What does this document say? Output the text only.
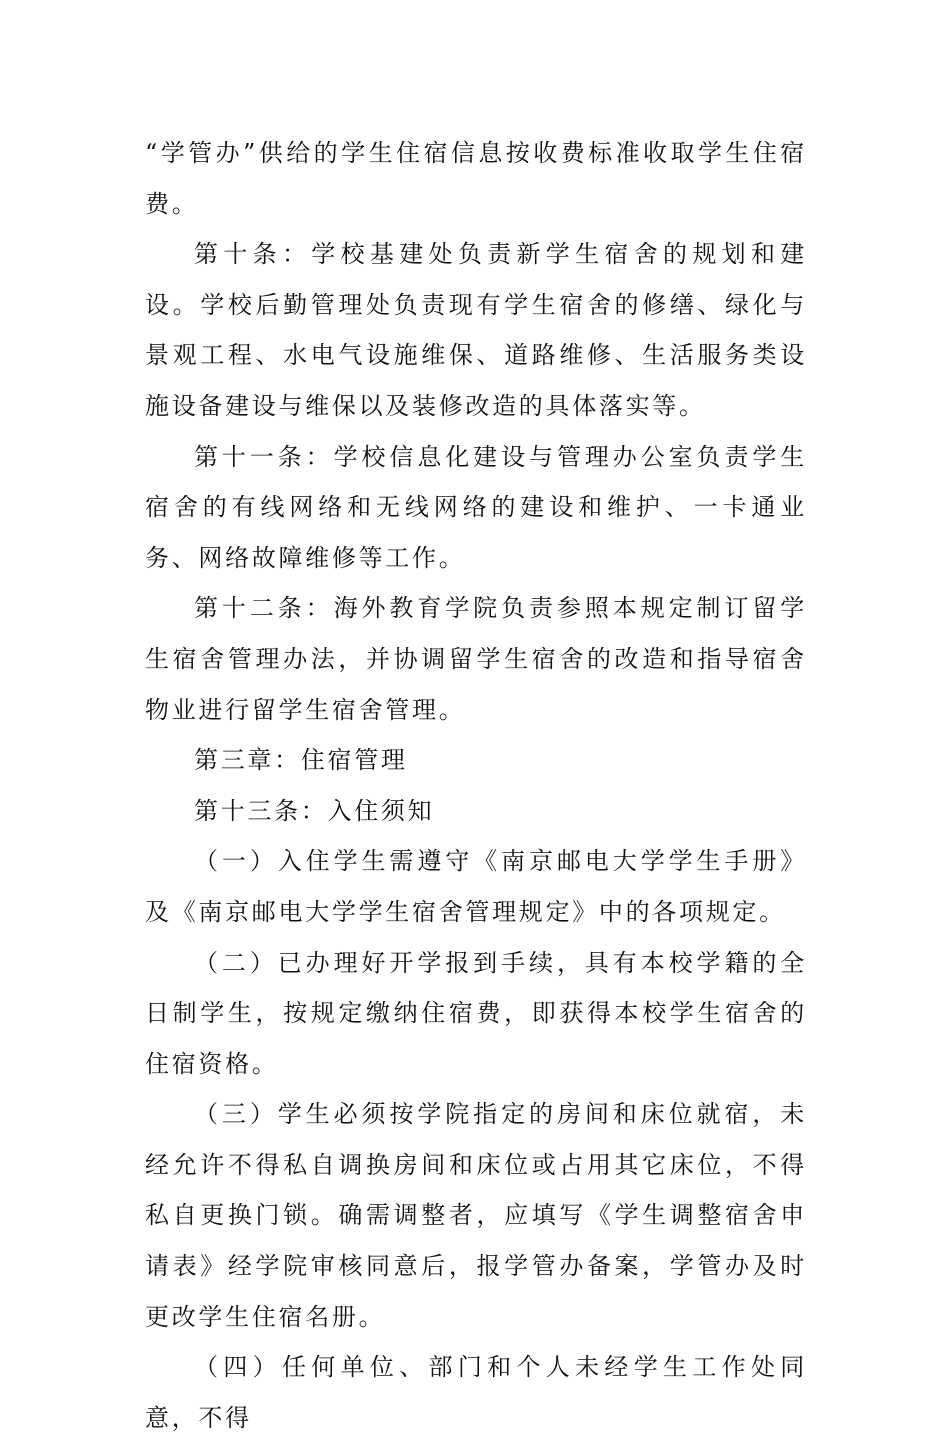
“学管办”供给的学生住宿信息按收费标准收取学生住宿费。

第十条：学校基建处负责新学生宿舍的规划和建设。学校后勤管理处负责现有学生宿舍的修缮、绿化与景观工程、水电气设施维保、道路维修、生活服务类设施设备建设与维保以及装修改造的具体落实等。

第十一条：学校信息化建设与管理办公室负责学生宿舍的有线网络和无线网络的建设和维护、一卡通业务、网络故障维修等工作。

第十二条：海外教育学院负责参照本规定制订留学生宿舍管理办法，并协调留学生宿舍的改造和指导宿舍物业进行留学生宿舍管理。

第三章：住宿管理

第十三条：入住须知

（一）入住学生需遵守《南京邮电大学学生手册》及《南京邮电大学学生宿舍管理规定》中的各项规定。

（二）已办理好开学报到手续，具有本校学籍的全日制学生，按规定缴纳住宿费，即获得本校学生宿舍的住宿资格。

（三）学生必须按学院指定的房间和床位就宿，未经允许不得私自调换房间和床位或占用其它床位，不得私自更换门锁。确需调整者，应填写《学生调整宿舍申请表》经学院审核同意后，报学管办备案，学管办及时更改学生住宿名册。

（四）任何单位、部门和个人未经学生工作处同意，不得
